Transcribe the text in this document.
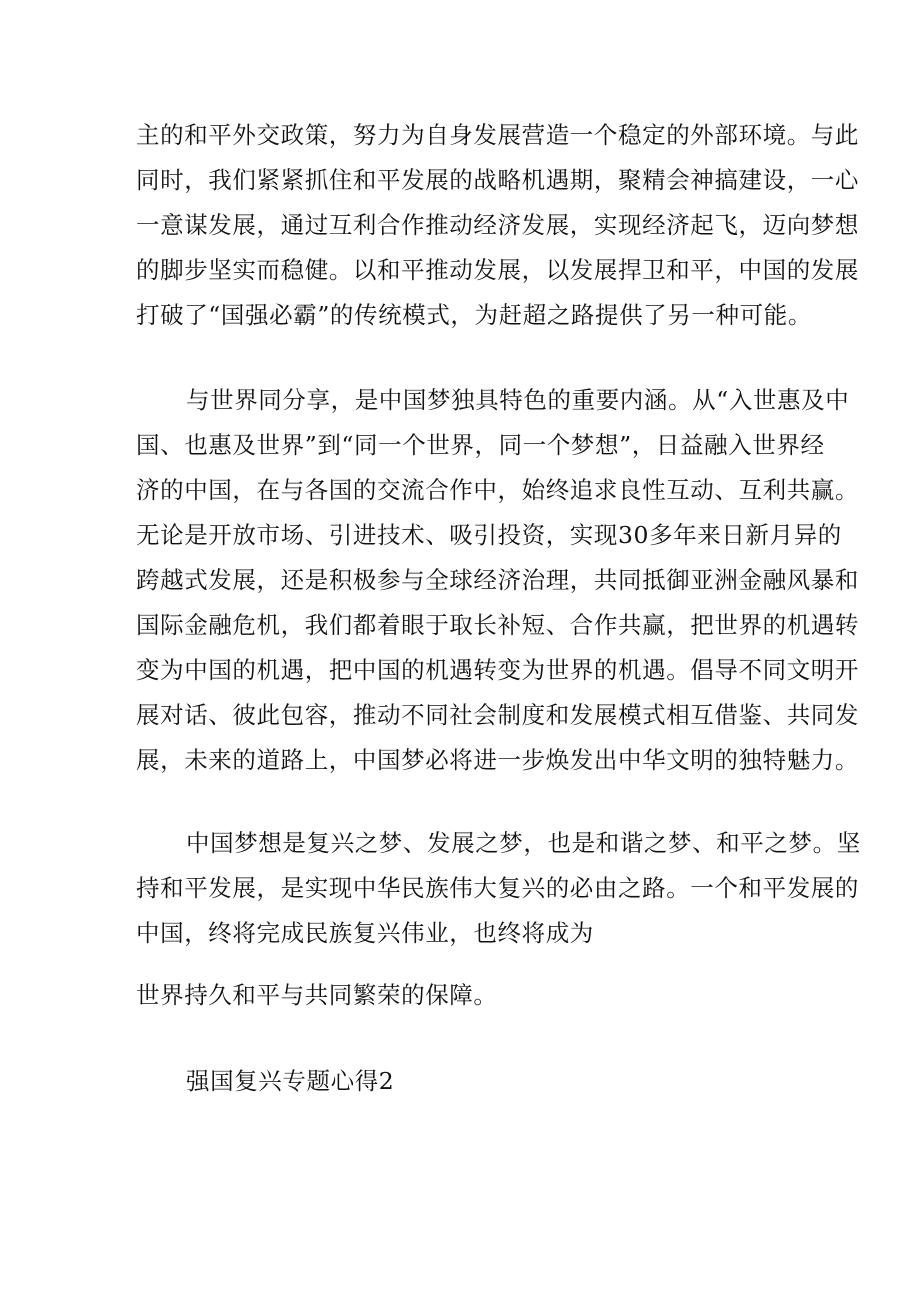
主的和平外交政策，努力为自身发展营造一个稳定的外部环境。与此
同时，我们紧紧抓住和平发展的战略机遇期，聚精会神搞建设，一心
一意谋发展，通过互利合作推动经济发展，实现经济起飞，迈向梦想
的脚步坚实而稳健。以和平推动发展，以发展捍卫和平，中国的发展
打破了“国强必霸”的传统模式，为赶超之路提供了另一种可能。
与世界同分享，是中国梦独具特色的重要内涵。从“入世惠及中
国、也惠及世界”到“同一个世界，同一个梦想”，日益融入世界经
济的中国，在与各国的交流合作中，始终追求良性互动、互利共赢。
无论是开放市场、引进技术、吸引投资，实现30多年来日新月异的
跨越式发展，还是积极参与全球经济治理，共同抵御亚洲金融风暴和
国际金融危机，我们都着眼于取长补短、合作共赢，把世界的机遇转
变为中国的机遇，把中国的机遇转变为世界的机遇。倡导不同文明开
展对话、彼此包容，推动不同社会制度和发展模式相互借鉴、共同发
展，未来的道路上，中国梦必将进一步焕发出中华文明的独特魅力。
中国梦想是复兴之梦、发展之梦，也是和谐之梦、和平之梦。坚
持和平发展，是实现中华民族伟大复兴的必由之路。一个和平发展的
中国，终将完成民族复兴伟业，也终将成为
世界持久和平与共同繁荣的保障。
强国复兴专题心得2
